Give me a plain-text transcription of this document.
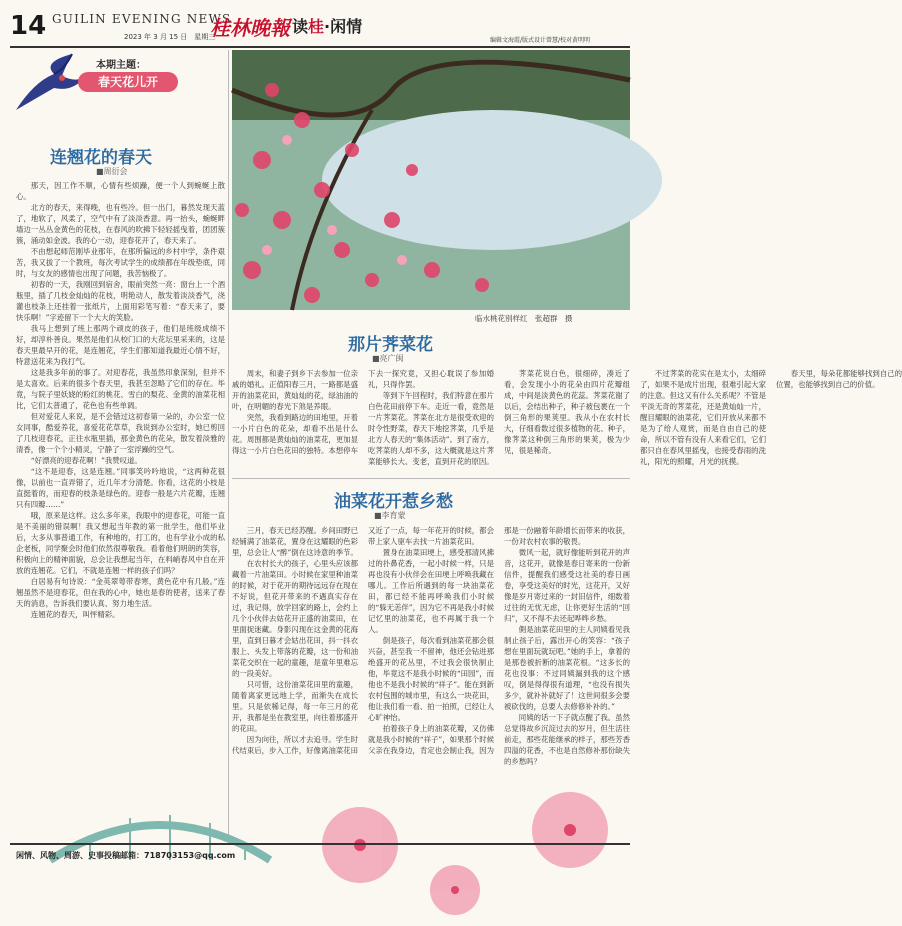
14 GUILIN EVENING NEWS
2023 年 3 月 15 日　星期三
桂林晚報 读桂·闲情
编辑文海霞/版式设计曾慧/校对黄明明
本期主题：
春天花儿开
连翘花的春天
■周衍会

那天，因工作不顺，心情有些烦躁，便一个人到蜿蜒上散心。

北方的春天，来得晚，也有些冷。但一出门，暮然发现天蓝了，地软了，风柔了，空气中有了淡淡香意。再一抬头，蜿蜒畔墙边一丛丛金黄色的花枝，在春风的吹拂下轻轻摇曳着，团团簇簇，涌动如金波。我的心一动，迎春花开了，春天来了。

不由想起师范刚毕业那年，在那所偏远的乡村中学，条件艰苦，我又拔了一个教班，每次考试学生的成绩都在年级垫底，同时，与女友的感情也出现了问题，我苦恼极了。

初春的一天，我刚回到宿舍，眼前突然一亮：窗台上一个酒瓶里，插了几枝金灿灿的花枝，明艳动人，散发着淡淡香气，浇灌也枝条上还挂着一张纸片，上面用彩笔写着：“春天来了，要快乐啊！”字迹留下一个大大的笑脸。

我马上想到了班上那两个顽皮的孩子，他们是班级成绩不好，却淳朴善良。果然是他们从校门口的大花坛里采来的，这是春天里最早开的花，是连翘花，学生们都知道我最近心情不好，特意送花来为我打气。

这是我多年前的事了。对迎春花，我虽然印象深刻，但并不是太喜欢。后来的很多个春天里，我甚至忽略了它们的存在。毕竟，与院子里妖娆的粉红的桃花、雪白的梨花、金黄的油菜花相比，它们太普通了，花色也有些单调。

但对爱花人来说，是不会错过这初春第一朵的，办公室一位女同事，酷爱养花，喜爱花花草草，我说到办公室时，她已剪回了几枝迎春花，正往水瓶里插，那金黄色的花朵，散发着淡雅的清香，像一个个小精灵，宁静了一室浮躁的空气。

“好漂亮的迎春花啊！”我赞叹道。

“这不是迎春，这是连翘。”同事笑吟吟地说，“这两种花很像，以前也一直弄错了，近几年才分清楚。你看，这花的小枝是直挺着的，而迎春的枝条是绿色的。迎春一般是六片花瓣，连翘只有四瓣……”

哦，原来是这样。这么多年来，我眼中的迎春花，可能一直是不美丽的错误啊！我又想起当年教的第一批学生，他们毕业后，大多从事普通工作，有种地的，打工的，也有学业小成的私企老板，同学聚会时他们依然很尊敬我。看着他们明朗的笑容，积极向上的精神面貌，总会让我想起当年，在料峭春风中自在开放的连翘花。它们，不就是连翘一样的孩子们吗？

白居易有句诗说：“金英翠萼带春寒，黄色花中有几般。”连翘虽然不是迎春花，但在我的心中，她也是春的使者，送来了春天的消息，告诉我们要认真、努力地生活。

连翘花的春天，叫怦精彩。

临水桃花别样红　张超群　摄
那片荠菜花
■亮广闽

周末，和妻子到乡下去参加一位亲戚的婚礼。正值阳春三月，一路都是盛开的油菜花田，黄灿灿的花，绿油油的叶，在明媚的春光下煞是养眼。

突然，我看到路边的田地里，开着一小片白色的花朵，却看不出是什么花。周围都是黄灿灿的油菜花，更加显得这一小片白色花田的独特。本想停车下去一探究竟，又担心耽误了参加婚礼，只得作罢。

等到下午回程时，我们特意在那片白色花田前停下车。走近一看，竟然是一片荠菜花。荠菜在北方是很受欢迎的时令性野菜，春天下地挖荠菜，几乎是北方人春天的“集体活动”。到了南方，吃荠菜的人却不多，这大概就是这片荠菜能够长大、变老，直到开花的原因。

荠菜花说白色，很细碎，凑近了看，会发现小小的花朵由四片花瓣组成，中间是淡黄色的花蕊。荠菜花谢了以后，会结出种子，种子被包裹在一个倒三角形的果荚里。我从小在农村长大，仔细看数过很多植物的花、种子，像荠菜这种倒三角形的果荚，极为少见，很是稀奇。

不过荠菜的花实在是太小，太细碎了，如果不是成片出现，很难引起大家的注意。但这又有什么关系呢？不管是平淡无奇的荠菜花，还是黄灿灿一片，醒目耀眼的油菜花，它们开放从来都不是为了给人观赏，而是自由自己的使命，所以不管有没有人来看它们，它们都只自在春风里摇曳，也接受春雨的洗礼，阳光的照耀，月光的抚摸。

春天里，每朵花都能够找到自己的位置，也能够找到自己的价值。

油菜花开惹乡愁
■李育蒙

三月，春天已经苏醒。乡间田野已经铺满了油菜花，置身在这耀眼的色彩里，总会让人“醉”倒在这诗意的季节。

在农村长大的孩子，心里头应该都藏着一片油菜田。小时候在家里种油菜的时候，对于花开的期待远远存在现在不好说，但花开带来的不遇真实存在过，我记得，放学回家的路上，会约上几个小伙伴去姑花开正盛的油菜田，在里面捉迷藏。身影闪现在这金黄的花海里，直到日暮才会姑出花田，抖一抖衣服上、头发上带落的花瓣，这一份和油菜花交织在一起的童趣，是童年里难忘的一段美好。

只可惜，这份油菜花田里的童趣，随着离家更远地上学，而渐失在成长里。只是依稀记得，每一年三月的花开，我都是坐在教室里，向往着那盛开的花田。

因为向往，所以才去追寻。学生时代结束后，步入工作，好像离油菜花田又近了一点，每一年花开的时候，都会带上家人驱车去找一片油菜花田。

置身在油菜田埂上，感受那清风拂过的扑鼻花香，一起小时候一样，只是再也没有小伙伴会在田埂上呼唤我藏在哪儿。工作后所遇到的每一块油菜花田，都已经不能再呼唤我们小时候的“躲无恙伴”，因为它不再是我小时候记忆里的油菜花，也不再属于我一个人。

倒是孩子，每次看到油菜花都会很兴奋，甚至我一不留神，他还会钻进那绝盛开的花丛里，不过我会很快制止他，毕竟这不是我小时候的“田园”，而他也不是我小时候的“祥子”。能在到新农村包围的城市里，有这么一块花田，他让我们看一看、拍一拍照，已经让人心旷神怡。

拍着孩子身上的油菜花瓣，又仿佛就是我小时候的“祥子”，如果那个时候父亲在我身边，肯定也会制止我，因为那是一份融着年龄增长而带来的收获，一份对农村农事的敬畏。

微风一起，就好像能听到花开的声音，这花开，就像是春日寄来的一份新信件，提醒我们感受这社美的春日画卷，享受这美好的时光，这花开，又好像是岁月寄过来的一封旧信件，细数着过往的无忧无虑，让你更好生活的“回归”，又不得不去还起哗哗乡愁。

側是油菜花田里的主人同姨看见我制止孩子后，露出开心的笑容：“孩子想在里面玩就玩吧。”她的手上，拿着的是那卷被折断的油菜花根。“这多长的花也没事：不过同姨漏到我的这个感叹，倒是得得很有道理，“也没有损失多少，就补补就好了！这世间很多会要被砍伐的，总要人去修修补补的。”

同姨的话一下子就点醒了我。虽然总觉得故乡沉淀过去的岁月，但生活往前走，那些花能继承的样子，那些芳香四溢的花香，不也是自然修补那份缺失的乡愁吗？

闲情、风物、周游、史事投稿邮箱：718703153@qq.com
